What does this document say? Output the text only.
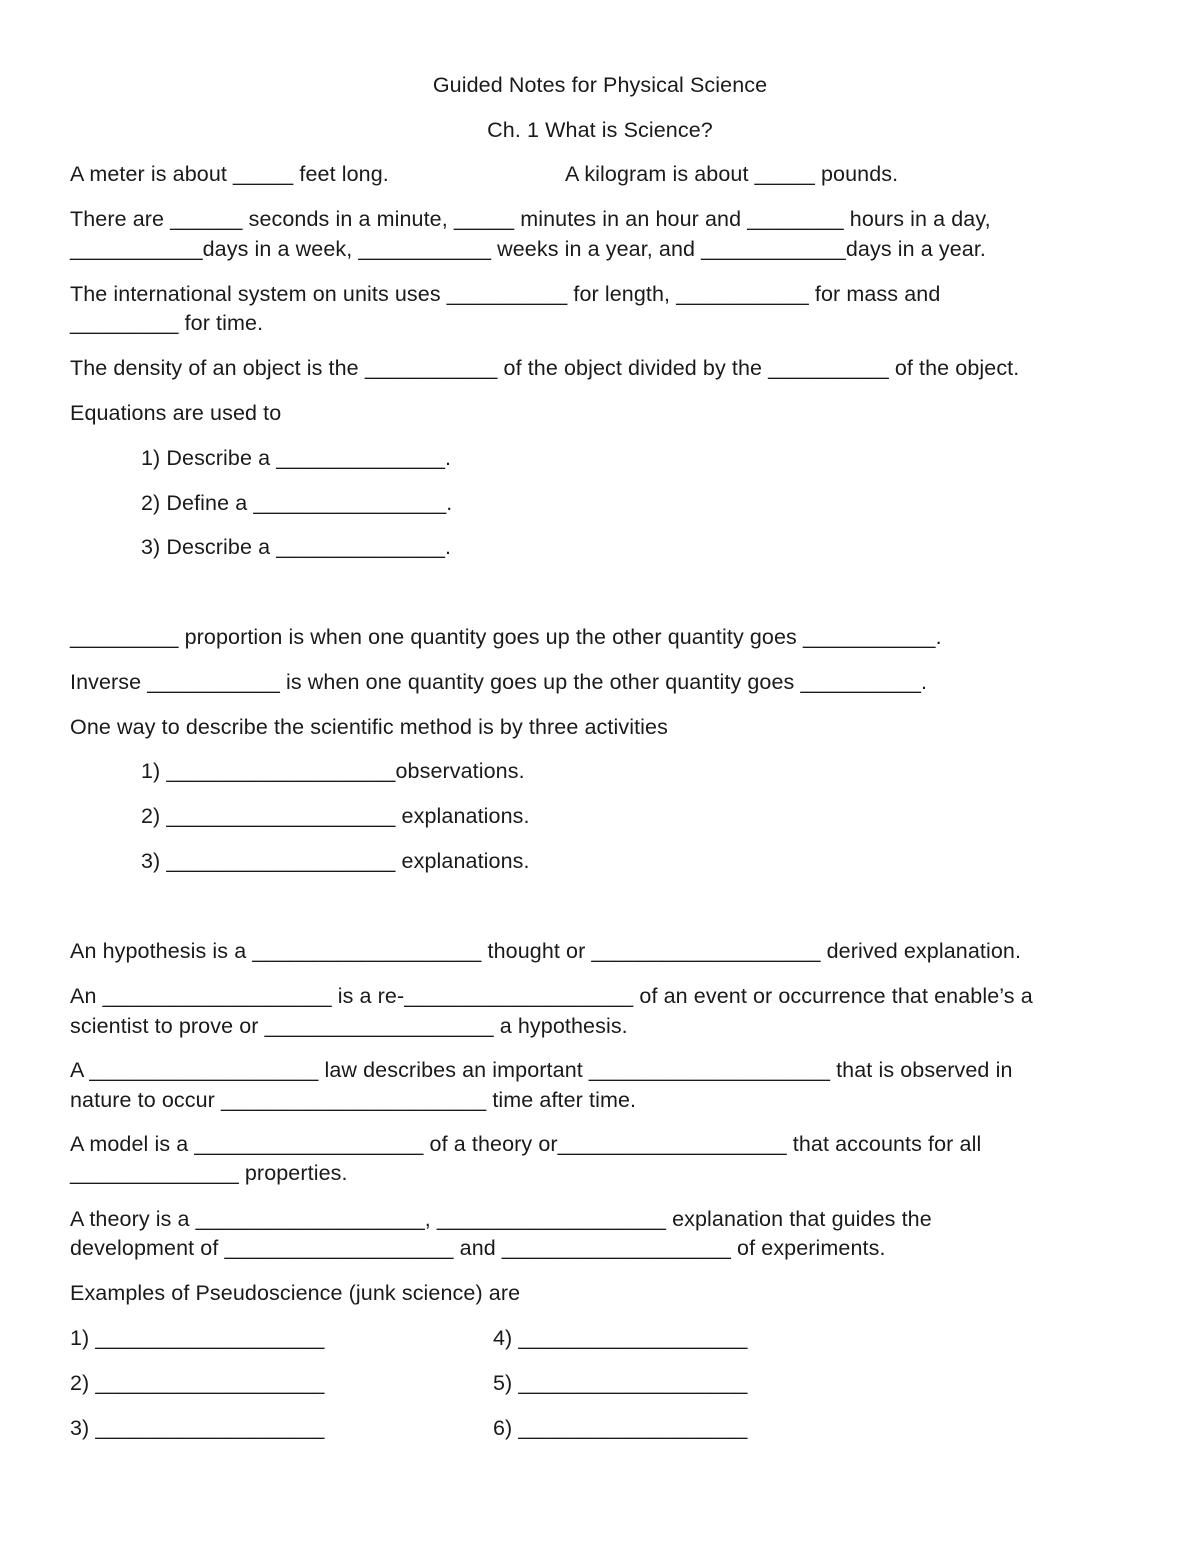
Guided Notes for Physical Science
Ch. 1 What is Science?
A meter is about _____ feet long.	A kilogram is about _____ pounds.
There are ______ seconds in a minute, _____ minutes in an hour and ________ hours in a day,
___________days in a week, ___________ weeks in a year, and ____________days in a year.
The international system on units uses __________ for length, ___________ for mass and
_________ for time.
The density of an object is the ___________ of the object divided by the __________ of the object.
Equations are used to
1) Describe a ______________.
2) Define a ________________.
3) Describe a ______________.
_________ proportion is when one quantity goes up the other quantity goes ___________.
Inverse ___________ is when one quantity goes up the other quantity goes __________.
One way to describe the scientific method is by three activities
1) ___________________observations.
2) ___________________ explanations.
3) ___________________ explanations.
An hypothesis is a ___________________ thought or ___________________ derived explanation.
An ___________________ is a re-___________________ of an event or occurrence that enable’s a
scientist to prove or ___________________ a hypothesis.
A ___________________ law describes an important ____________________ that is observed in
nature to occur ______________________ time after time.
A model is a ___________________ of a theory or___________________ that accounts for all
______________ properties.
A theory is a ___________________, ___________________ explanation that guides the
development of ___________________ and ___________________ of experiments.
Examples of Pseudoscience (junk science) are
1) ___________________	4) ___________________
2) ___________________	5) ___________________
3) ___________________	6) ___________________
